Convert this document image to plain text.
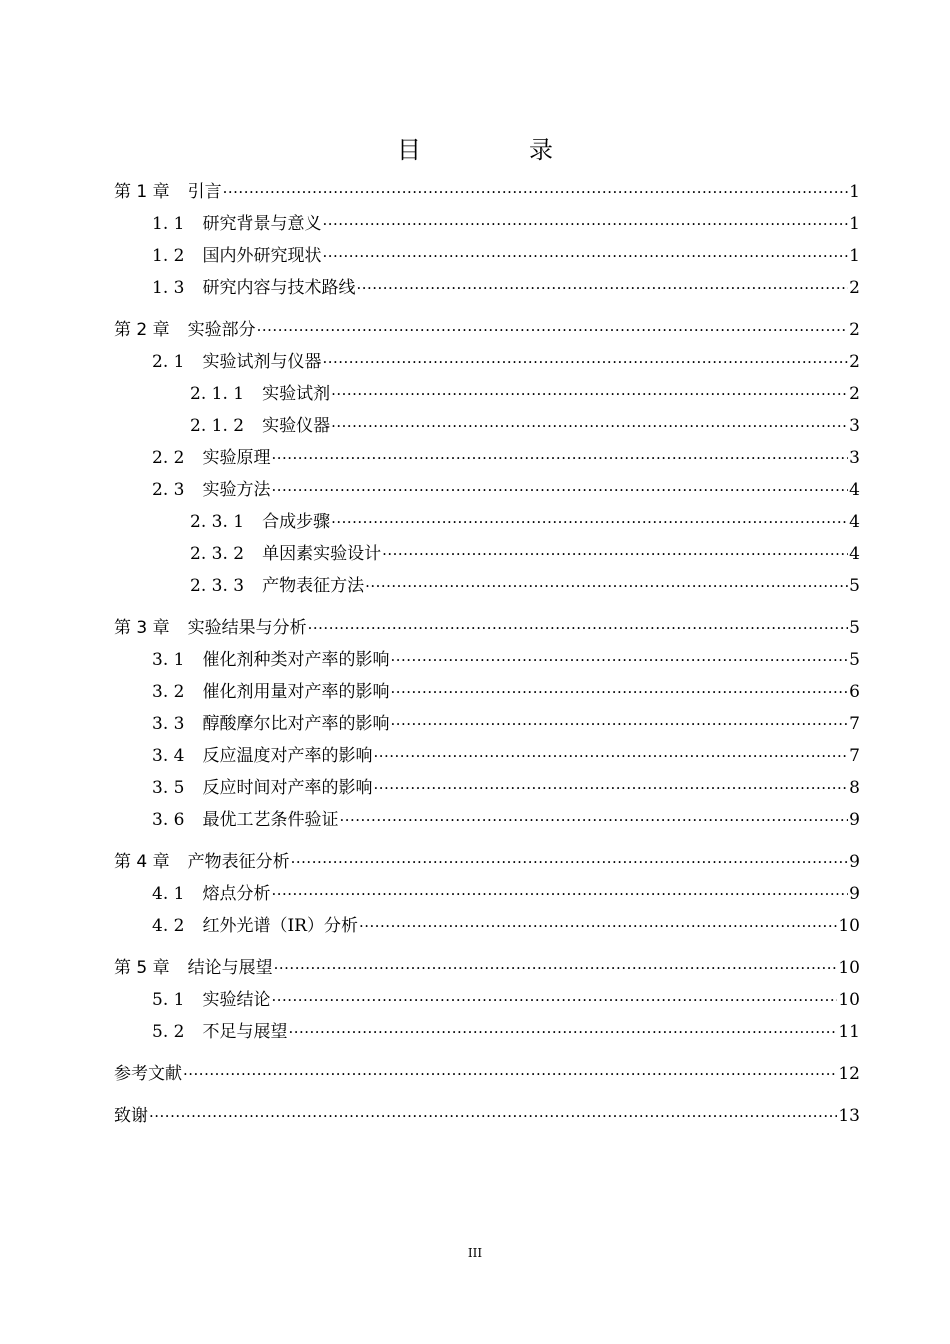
目　录
第 1 章 引言 ·····	1
1. 1 研究背景与意义 ·····	1
1. 2 国内外研究现状 ·····	1
1. 3 研究内容与技术路线 ·····	2
第 2 章 实验部分 ·····	2
2. 1 实验试剂与仪器 ·····	2
2. 1. 1 实验试剂 ·····	2
2. 1. 2 实验仪器 ·····	3
2. 2 实验原理 ·····	3
2. 3 实验方法 ·····	4
2. 3. 1 合成步骤 ·····	4
2. 3. 2 单因素实验设计 ·····	4
2. 3. 3 产物表征方法 ·····	5
第 3 章 实验结果与分析 ·····	5
3. 1 催化剂种类对产率的影响 ·····	5
3. 2 催化剂用量对产率的影响 ·····	6
3. 3 醇酸摩尔比对产率的影响 ·····	7
3. 4 反应温度对产率的影响 ·····	7
3. 5 反应时间对产率的影响 ·····	8
3. 6 最优工艺条件验证 ·····	9
第 4 章 产物表征分析 ·····	9
4. 1 熔点分析 ·····	9
4. 2 红外光谱（IR）分析 ·····	10
第 5 章 结论与展望 ·····	10
5. 1 实验结论 ·····	10
5. 2 不足与展望 ·····	11
参考文献 ·····	12
致谢 ·····	13
III
